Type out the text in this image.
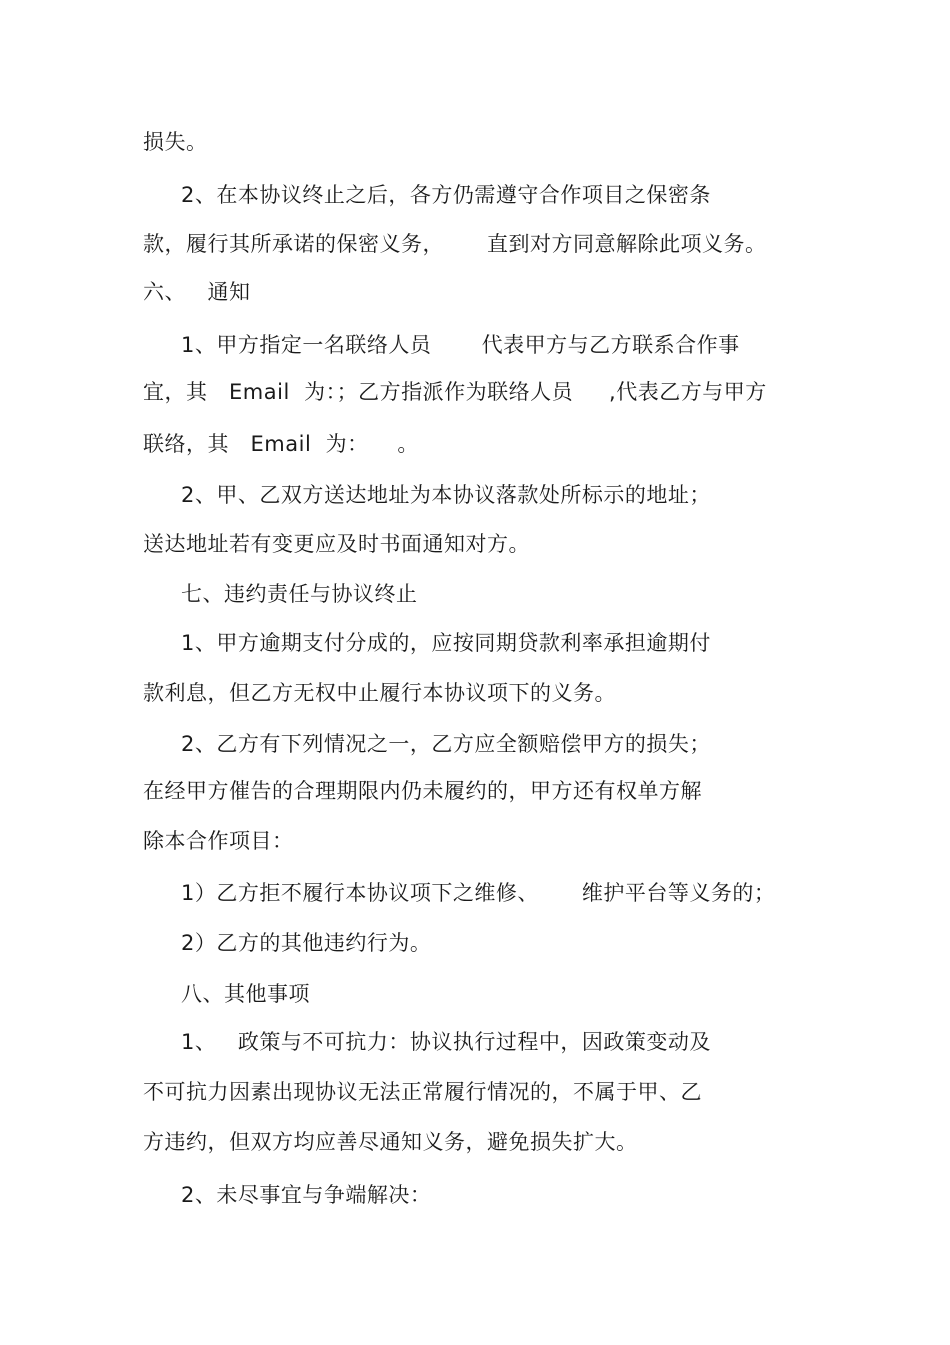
损失。
2、在本协议终止之后，各方仍需遵守合作项目之保密条
款，履行其所承诺的保密义务，      直到对方同意解除此项义务。
六、   通知
1、甲方指定一名联络人员       代表甲方与乙方联系合作事
宜，其   Email  为：；乙方指派作为联络人员     ,代表乙方与甲方
联络，其   Email  为：    。
2、甲、乙双方送达地址为本协议落款处所标示的地址；
送达地址若有变更应及时书面通知对方。
七、违约责任与协议终止
1、甲方逾期支付分成的，应按同期贷款利率承担逾期付
款利息，但乙方无权中止履行本协议项下的义务。
2、乙方有下列情况之一，乙方应全额赔偿甲方的损失；
在经甲方催告的合理期限内仍未履约的，甲方还有权单方解
除本合作项目：
1）乙方拒不履行本协议项下之维修、      维护平台等义务的；
2）乙方的其他违约行为。
八、其他事项
1、   政策与不可抗力：协议执行过程中，因政策变动及
不可抗力因素出现协议无法正常履行情况的，不属于甲、乙
方违约，但双方均应善尽通知义务，避免损失扩大。
2、未尽事宜与争端解决：
